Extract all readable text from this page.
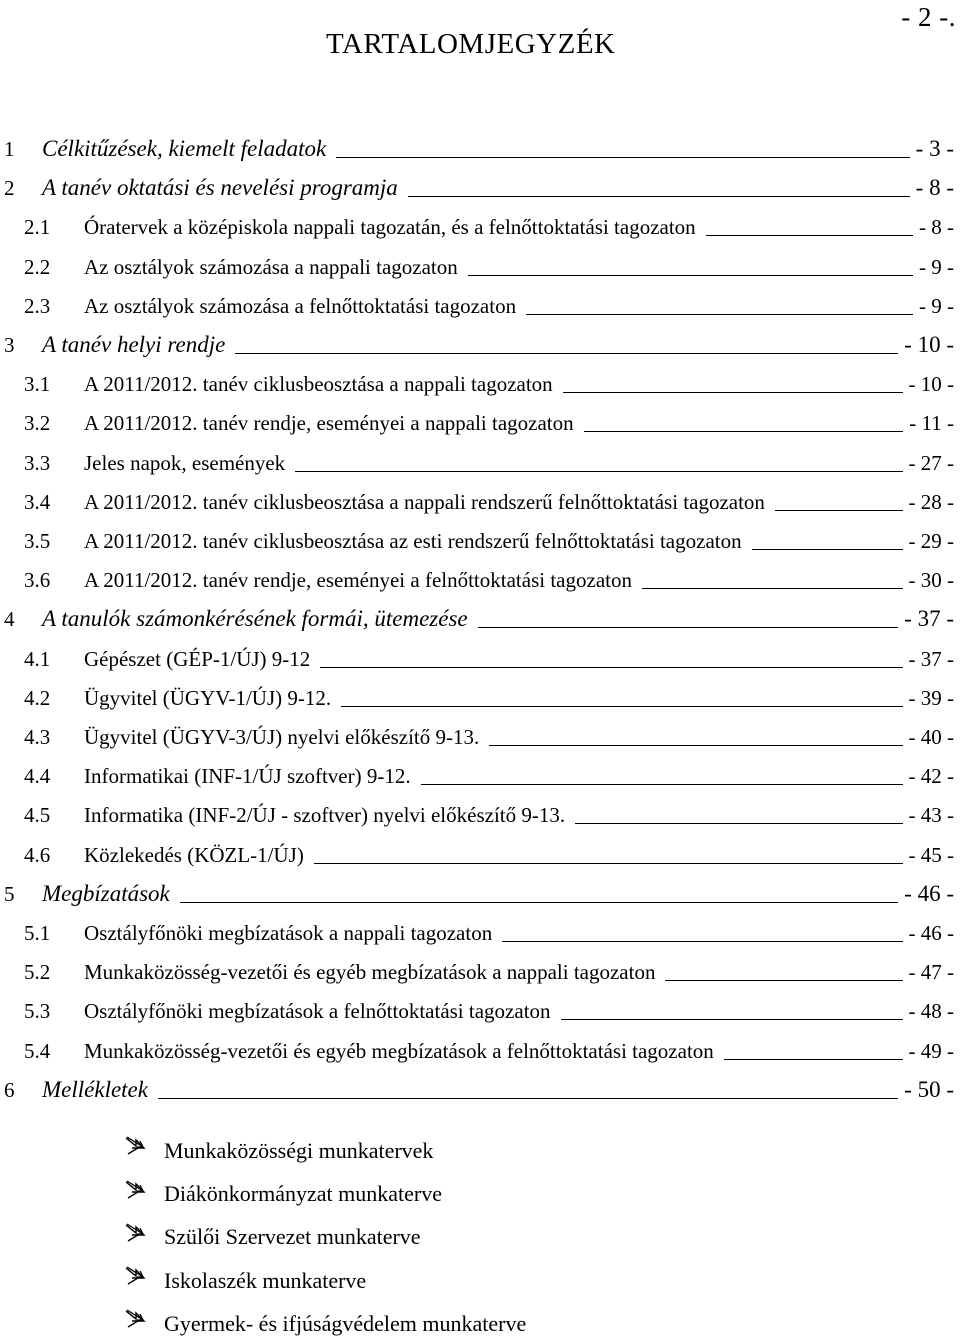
- 2 -.
TARTALOMJEGYZÉK
1 Célkitűzések, kiemelt feladatok	- 3 -
2 A tanév oktatási és nevelési programja	- 8 -
2.1 Óratervek a középiskola nappali tagozatán, és a felnőttoktatási tagozaton	- 8 -
2.2 Az osztályok számozása a nappali tagozaton	- 9 -
2.3 Az osztályok számozása a felnőttoktatási tagozaton	- 9 -
3 A tanév helyi rendje	- 10 -
3.1 A 2011/2012. tanév ciklusbeosztása a nappali tagozaton	- 10 -
3.2 A 2011/2012. tanév rendje, eseményei a nappali tagozaton	- 11 -
3.3 Jeles napok, események	- 27 -
3.4 A 2011/2012. tanév ciklusbeosztása a nappali rendszerű felnőttoktatási tagozaton	- 28 -
3.5 A 2011/2012. tanév ciklusbeosztása az esti rendszerű felnőttoktatási tagozaton	- 29 -
3.6 A 2011/2012. tanév rendje, eseményei a felnőttoktatási tagozaton	- 30 -
4 A tanulók számonkérésének formái, ütemezése	- 37 -
4.1 Gépészet (GÉP-1/ÚJ) 9-12	- 37 -
4.2 Ügyvitel (ÜGYV-1/ÚJ) 9-12.	- 39 -
4.3 Ügyvitel (ÜGYV-3/ÚJ) nyelvi előkészítő 9-13.	- 40 -
4.4 Informatikai (INF-1/ÚJ szoftver) 9-12.	- 42 -
4.5 Informatika (INF-2/ÚJ - szoftver) nyelvi előkészítő 9-13.	- 43 -
4.6 Közlekedés (KÖZL-1/ÚJ)	- 45 -
5 Megbízatások	- 46 -
5.1 Osztályfőnöki megbízatások a nappali tagozaton	- 46 -
5.2 Munkaközösség-vezetői és egyéb megbízatások a nappali tagozaton	- 47 -
5.3 Osztályfőnöki megbízatások a felnőttoktatási tagozaton	- 48 -
5.4 Munkaközösség-vezetői és egyéb megbízatások a felnőttoktatási tagozaton	- 49 -
6 Mellékletek	- 50 -
Munkaközösségi munkatervek
Diákönkormányzat munkaterve
Szülői Szervezet munkaterve
Iskolaszék munkaterve
Gyermek- és ifjúságvédelem munkaterve
